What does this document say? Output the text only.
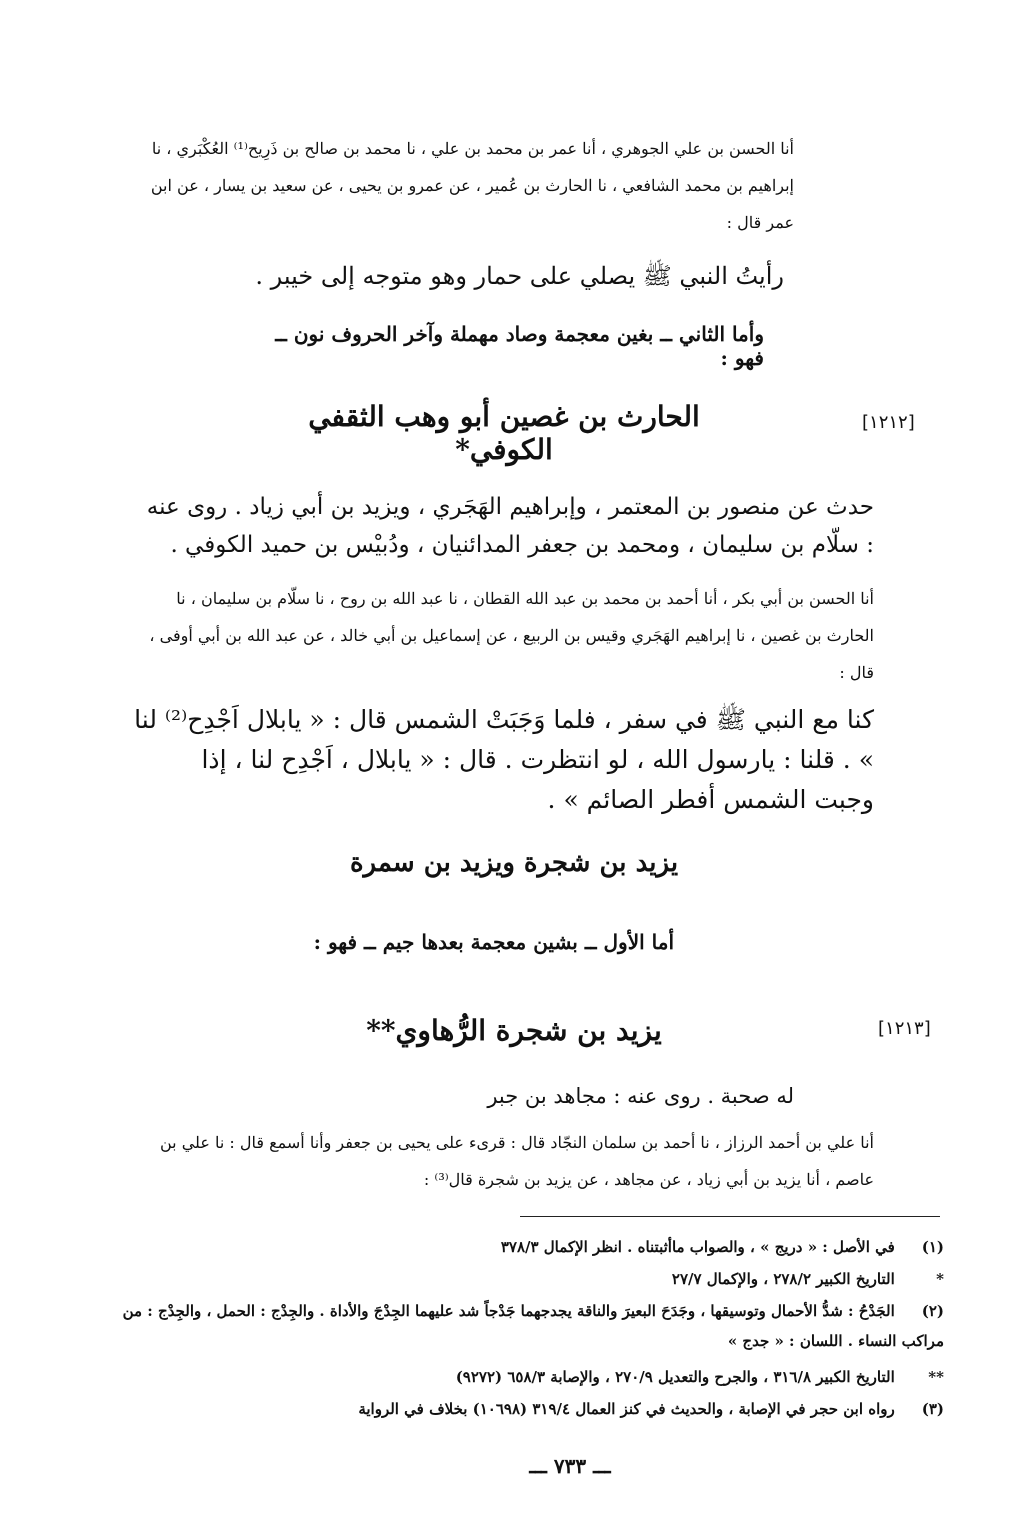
أنا الحسن بن علي الجوهري ، أنا عمر بن محمد بن علي ، نا محمد بن صالح بن ذَرِيح⁽¹⁾ العُكْبَري ، نا إبراهيم بن محمد الشافعي ، نا الحارث بن عُمير ، عن عمرو بن يحيى ، عن سعيد بن يسار ، عن ابن عمر قال :
رأيتُ النبي ﷺ يصلي على حمار وهو متوجه إلى خيبر .
وأما الثاني ــ بغين معجمة وصاد مهملة وآخر الحروف نون ــ فهو :
[١٢١٢]
الحارث بن غصين أبو وهب الثقفي الكوفي*
حدث عن منصور بن المعتمر ، وإبراهيم الهَجَري ، ويزيد بن أبي زياد . روى عنه : سلّام بن سليمان ، ومحمد بن جعفر المدائنيان ، ودُبيْس بن حميد الكوفي .
أنا الحسن بن أبي بكر ، أنا أحمد بن محمد بن عبد الله القطان ، نا عبد الله بن روح ، نا سلّام بن سليمان ، نا الحارث بن غصين ، نا إبراهيم الهَجَري وقيس بن الربيع ، عن إسماعيل بن أبي خالد ، عن عبد الله بن أبي أوفى ، قال :
كنا مع النبي ﷺ في سفر ، فلما وَجَبَتْ الشمس قال : « يابلال اَجْدِح⁽²⁾ لنا » . قلنا : يارسول الله ، لو انتظرت . قال : « يابلال ، اَجْدِح لنا ، إذا وجبت الشمس أفطر الصائم » .
يزيد بن شجرة ويزيد بن سمرة
أما الأول ــ بشين معجمة بعدها جيم ــ فهو :
[١٢١٣]
يزيد بن شجرة الرُّهاوي**
له صحبة . روى عنه : مجاهد بن جبر
أنا علي بن أحمد الرزاز ، نا أحمد بن سلمان النجّاد قال : قرىء على يحيى بن جعفر وأنا أسمع قال : نا علي بن عاصم ، أنا يزيد بن أبي زياد ، عن مجاهد ، عن يزيد بن شجرة قال⁽³⁾ :
(١) في الأصل : « دريج » ، والصواب ماأثبتناه . انظر الإكمال ٣٧٨/٣
* التاريخ الكبير ٢٧٨/٢ ، والإكمال ٢٧/٧
(٢) الجَدْحُ : شدُّ الأحمال وتوسيقها ، وجَدَحَ البعيرَ والناقة يجدجهما جَدْجاً شد عليهما الجِدْجَ والأداة . والجِدْج : الحمل ، والجِدْج : من مراكب النساء . اللسان : « جدج »
** التاريخ الكبير ٣١٦/٨ ، والجرح والتعديل ٢٧٠/٩ ، والإصابة ٦٥٨/٣ (٩٢٧٢)
(٣) رواه ابن حجر في الإصابة ، والحديث في كنز العمال ٣١٩/٤ (١٠٦٩٨) بخلاف في الرواية
ـــ ٧٣٣ ـــ
